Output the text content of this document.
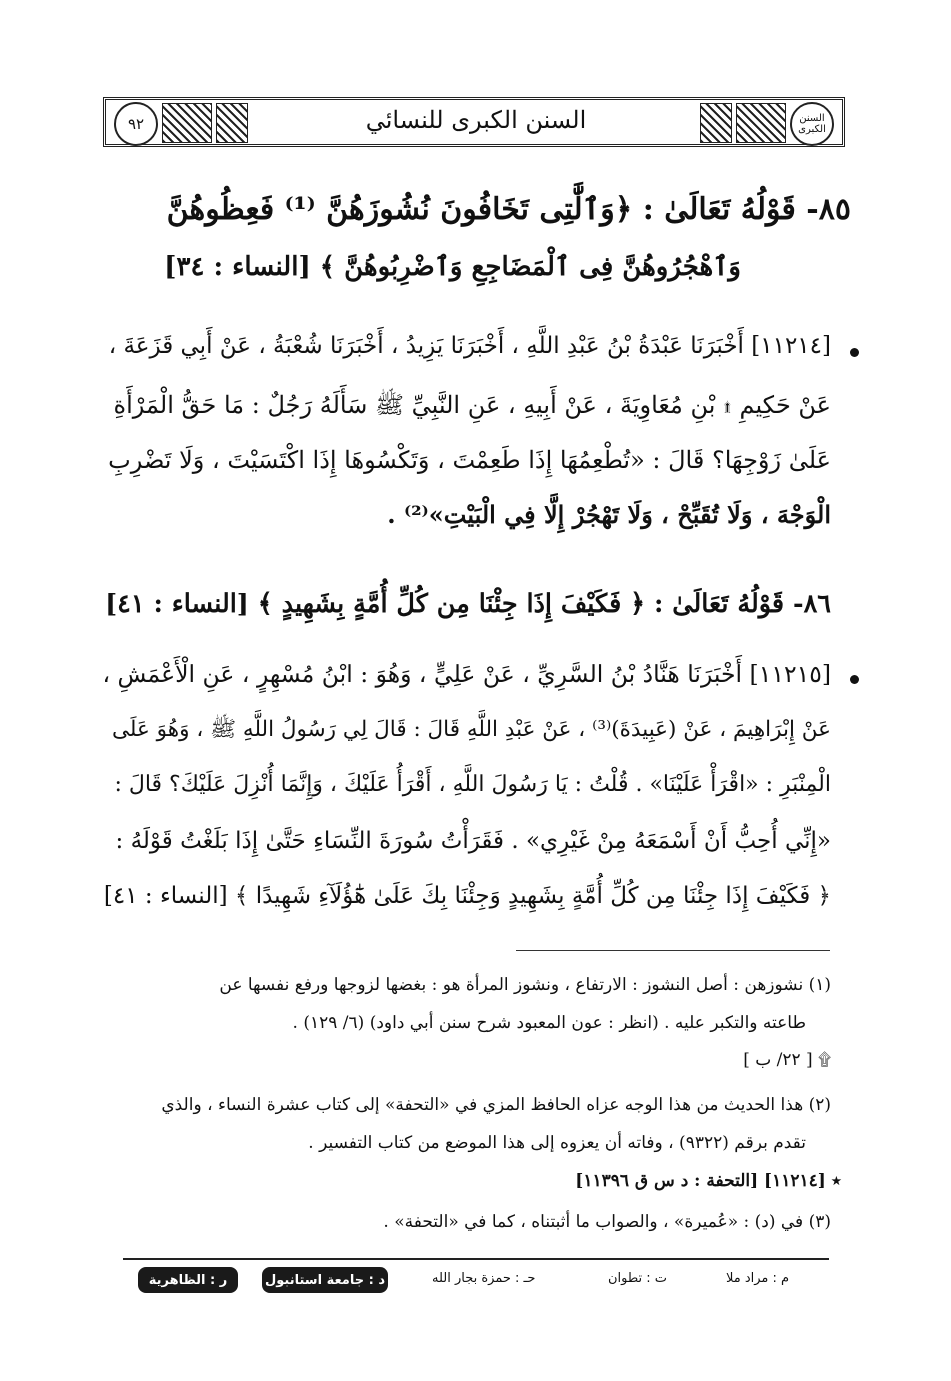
٩٢	السنن الكبرى للنسائي	السنن الكبرى
٨٥- قَوْلُهُ تَعَالَىٰ : ﴿وَٱلَّٰتِى تَخَافُونَ نُشُوزَهُنَّ ⁽¹⁾ فَعِظُوهُنَّ
وَٱهْجُرُوهُنَّ فِى ٱلْمَضَاجِعِ وَٱضْرِبُوهُنَّ ﴾ [النساء : ٣٤]
[١١٢١٤] أَخْبَرَنَا عَبْدَةُ بْنُ عَبْدِ اللَّهِ ، أَخْبَرَنَا يَزِيدُ ، أَخْبَرَنَا شُعْبَةُ ، عَنْ أَبِي قَزَعَةَ ،
عَنْ حَكِيمِ ۩ بْنِ مُعَاوِيَةَ ، عَنْ أَبِيهِ ، عَنِ النَّبِيِّ ﷺ سَأَلَهُ رَجُلٌ : مَا حَقُّ الْمَرْأَةِ
عَلَىٰ زَوْجِهَا؟ قَالَ : «تُطْعِمُهَا إِذَا طَعِمْتَ ، وَتَكْسُوهَا إِذَا اكْتَسَيْتَ ، وَلَا تَضْرِبِ
الْوَجْهَ ، وَلَا تُقَبِّحْ ، وَلَا تَهْجُرْ إِلَّا فِي الْبَيْتِ»⁽²⁾ .
٨٦- قَوْلُهُ تَعَالَىٰ : ﴿ فَكَيْفَ إِذَا جِئْنَا مِن كُلِّ أُمَّةٍ بِشَهِيدٍ ﴾ [النساء : ٤١]
[١١٢١٥] أَخْبَرَنَا هَنَّادُ بْنُ السَّرِيِّ ، عَنْ عَلِيٍّ ، وَهُوَ : ابْنُ مُسْهِرٍ ، عَنِ الْأَعْمَشِ ،
عَنْ إِبْرَاهِيمَ ، عَنْ (عَبِيدَةَ)⁽³⁾ ، عَنْ عَبْدِ اللَّهِ قَالَ : قَالَ لِي رَسُولُ اللَّهِ ﷺ ، وَهُوَ عَلَى
الْمِنْبَرِ : «اقْرَأْ عَلَيْنَا» . قُلْتُ : يَا رَسُولَ اللَّهِ ، أَقْرَأُ عَلَيْكَ ، وَإِنَّمَا أُنْزِلَ عَلَيْكَ؟ قَالَ :
«إِنِّي أُحِبُّ أَنْ أَسْمَعَهُ مِنْ غَيْرِي» . فَقَرَأْتُ سُورَةَ النِّسَاءِ حَتَّىٰ إِذَا بَلَغْتُ قَوْلَهُ :
﴿ فَكَيْفَ إِذَا جِئْنَا مِن كُلِّ أُمَّةٍ بِشَهِيدٍ وَجِئْنَا بِكَ عَلَىٰ هَٰٓؤُلَآءِ شَهِيدًا ﴾ [النساء : ٤١]
(١) نشوزهن : أصل النشوز : الارتفاع ، ونشوز المرأة هو : بغضها لزوجها ورفع نفسها عن
طاعته والتكبر عليه . (انظر : عون المعبود شرح سنن أبي داود) (٦/ ١٢٩) .
۩ [ ٢٢/ ب ]
(٢) هذا الحديث من هذا الوجه عزاه الحافظ المزي في «التحفة» إلى كتاب عشرة النساء ، والذي
تقدم برقم (٩٣٢٢) ، وفاته أن يعزوه إلى هذا الموضع من كتاب التفسير .
٭ [١١٢١٤] [التحفة : د س ق ١١٣٩٦]
(٣) في (د) : «عُميرة» ، والصواب ما أثبتناه ، كما في «التحفة» .
م : مراد ملا
ت : تطوان
حـ : حمزة بجار الله
د : جامعة استانبول
ر : الظاهرية
